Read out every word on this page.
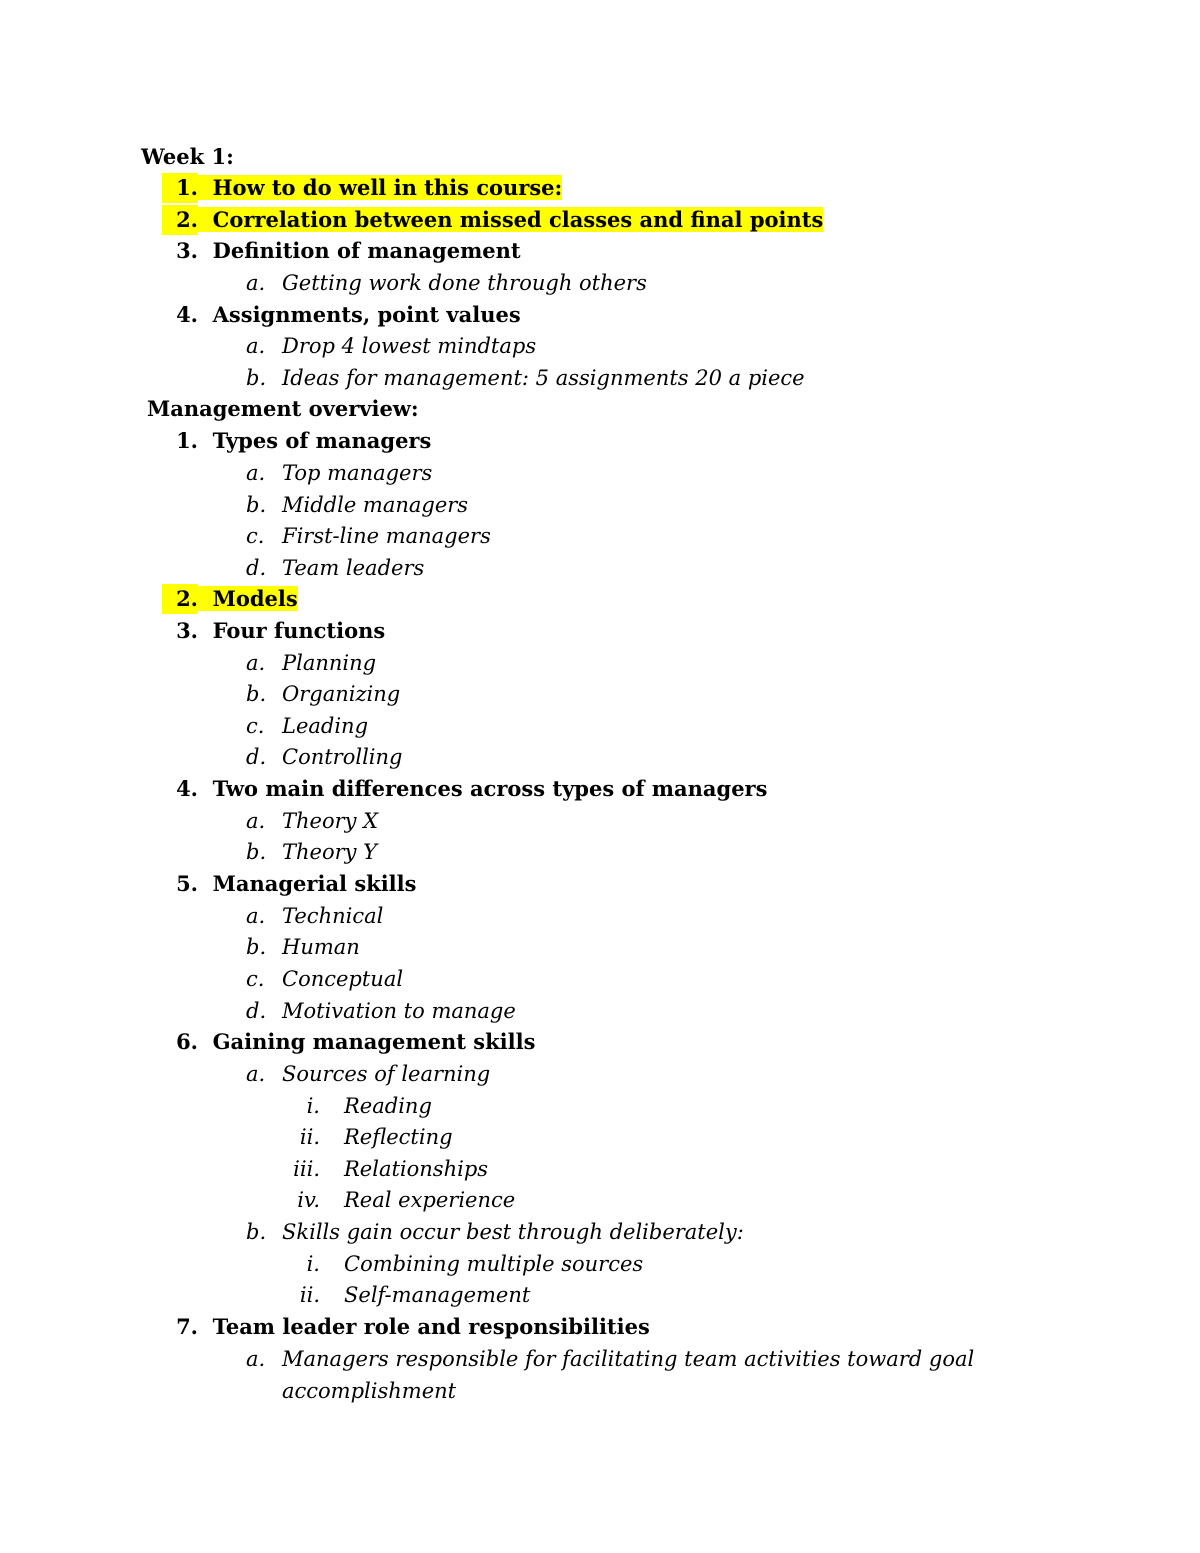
Week 1:
1. How to do well in this course:
2. Correlation between missed classes and final points
3. Definition of management
a. Getting work done through others
4. Assignments, point values
a. Drop 4 lowest mindtaps
b. Ideas for management: 5 assignments 20 a piece
Management overview:
1. Types of managers
a. Top managers
b. Middle managers
c. First-line managers
d. Team leaders
2. Models
3. Four functions
a. Planning
b. Organizing
c. Leading
d. Controlling
4. Two main differences across types of managers
a. Theory X
b. Theory Y
5. Managerial skills
a. Technical
b. Human
c. Conceptual
d. Motivation to manage
6. Gaining management skills
a. Sources of learning
i. Reading
ii. Reflecting
iii. Relationships
iv. Real experience
b. Skills gain occur best through deliberately:
i. Combining multiple sources
ii. Self-management
7. Team leader role and responsibilities
a. Managers responsible for facilitating team activities toward goal
accomplishment
